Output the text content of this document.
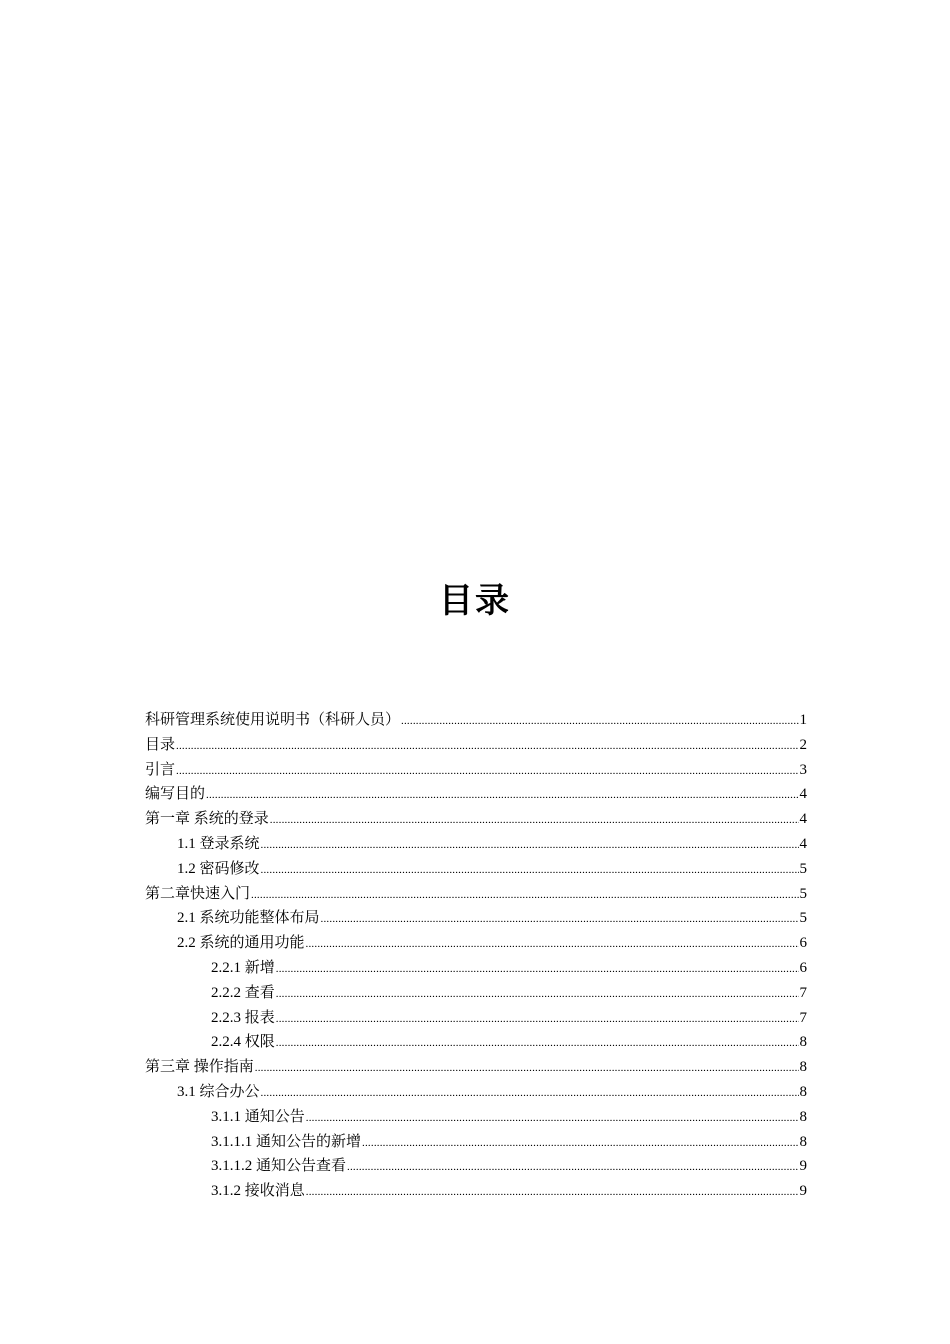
目录
科研管理系统使用说明书（科研人员） .....	1
目录 .....	2
引言 .....	3
编写目的 .....	4
第一章 系统的登录 .....	4
1.1 登录系统 .....	4
1.2 密码修改 .....	5
第二章快速入门 .....	5
2.1 系统功能整体布局 .....	5
2.2 系统的通用功能 .....	6
2.2.1 新增 .....	6
2.2.2 查看 .....	7
2.2.3 报表 .....	7
2.2.4 权限 .....	8
第三章 操作指南 .....	8
3.1 综合办公 .....	8
3.1.1 通知公告 .....	8
3.1.1.1 通知公告的新增 .....	8
3.1.1.2 通知公告查看 .....	9
3.1.2 接收消息 .....	9
